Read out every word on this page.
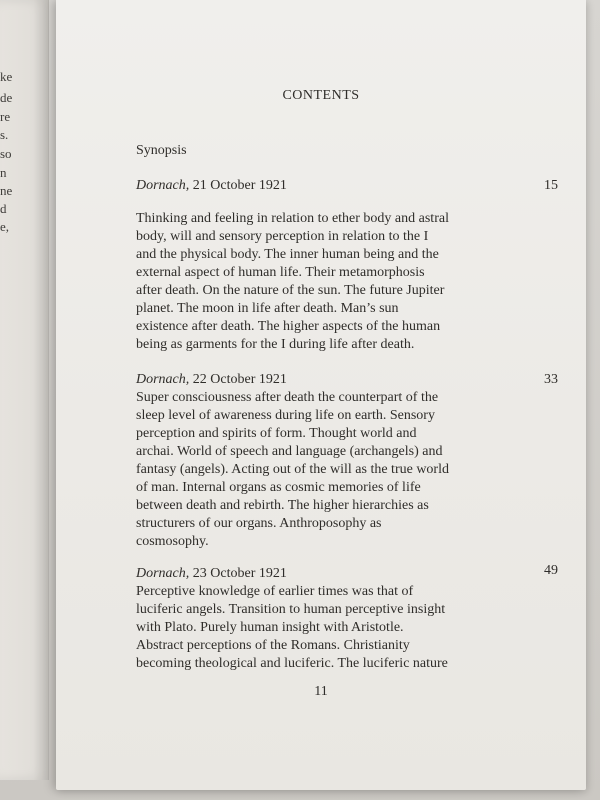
ke
de
re
s.
so
n
ne
d
e,
CONTENTS
Synopsis
Dornach, 21 October 1921	15
Thinking and feeling in relation to ether body and astral
body, will and sensory perception in relation to the I
and the physical body. The inner human being and the
external aspect of human life. Their metamorphosis
after death. On the nature of the sun. The future Jupiter
planet. The moon in life after death. Man’s sun
existence after death. The higher aspects of the human
being as garments for the I during life after death.
Dornach, 22 October 1921	33
Super consciousness after death the counterpart of the
sleep level of awareness during life on earth. Sensory
perception and spirits of form. Thought world and
archai. World of speech and language (archangels) and
fantasy (angels). Acting out of the will as the true world
of man. Internal organs as cosmic memories of life
between death and rebirth. The higher hierarchies as
structurers of our organs. Anthroposophy as
cosmosophy.
Dornach, 23 October 1921	49
Perceptive knowledge of earlier times was that of
luciferic angels. Transition to human perceptive insight
with Plato. Purely human insight with Aristotle.
Abstract perceptions of the Romans. Christianity
becoming theological and luciferic. The luciferic nature
11
